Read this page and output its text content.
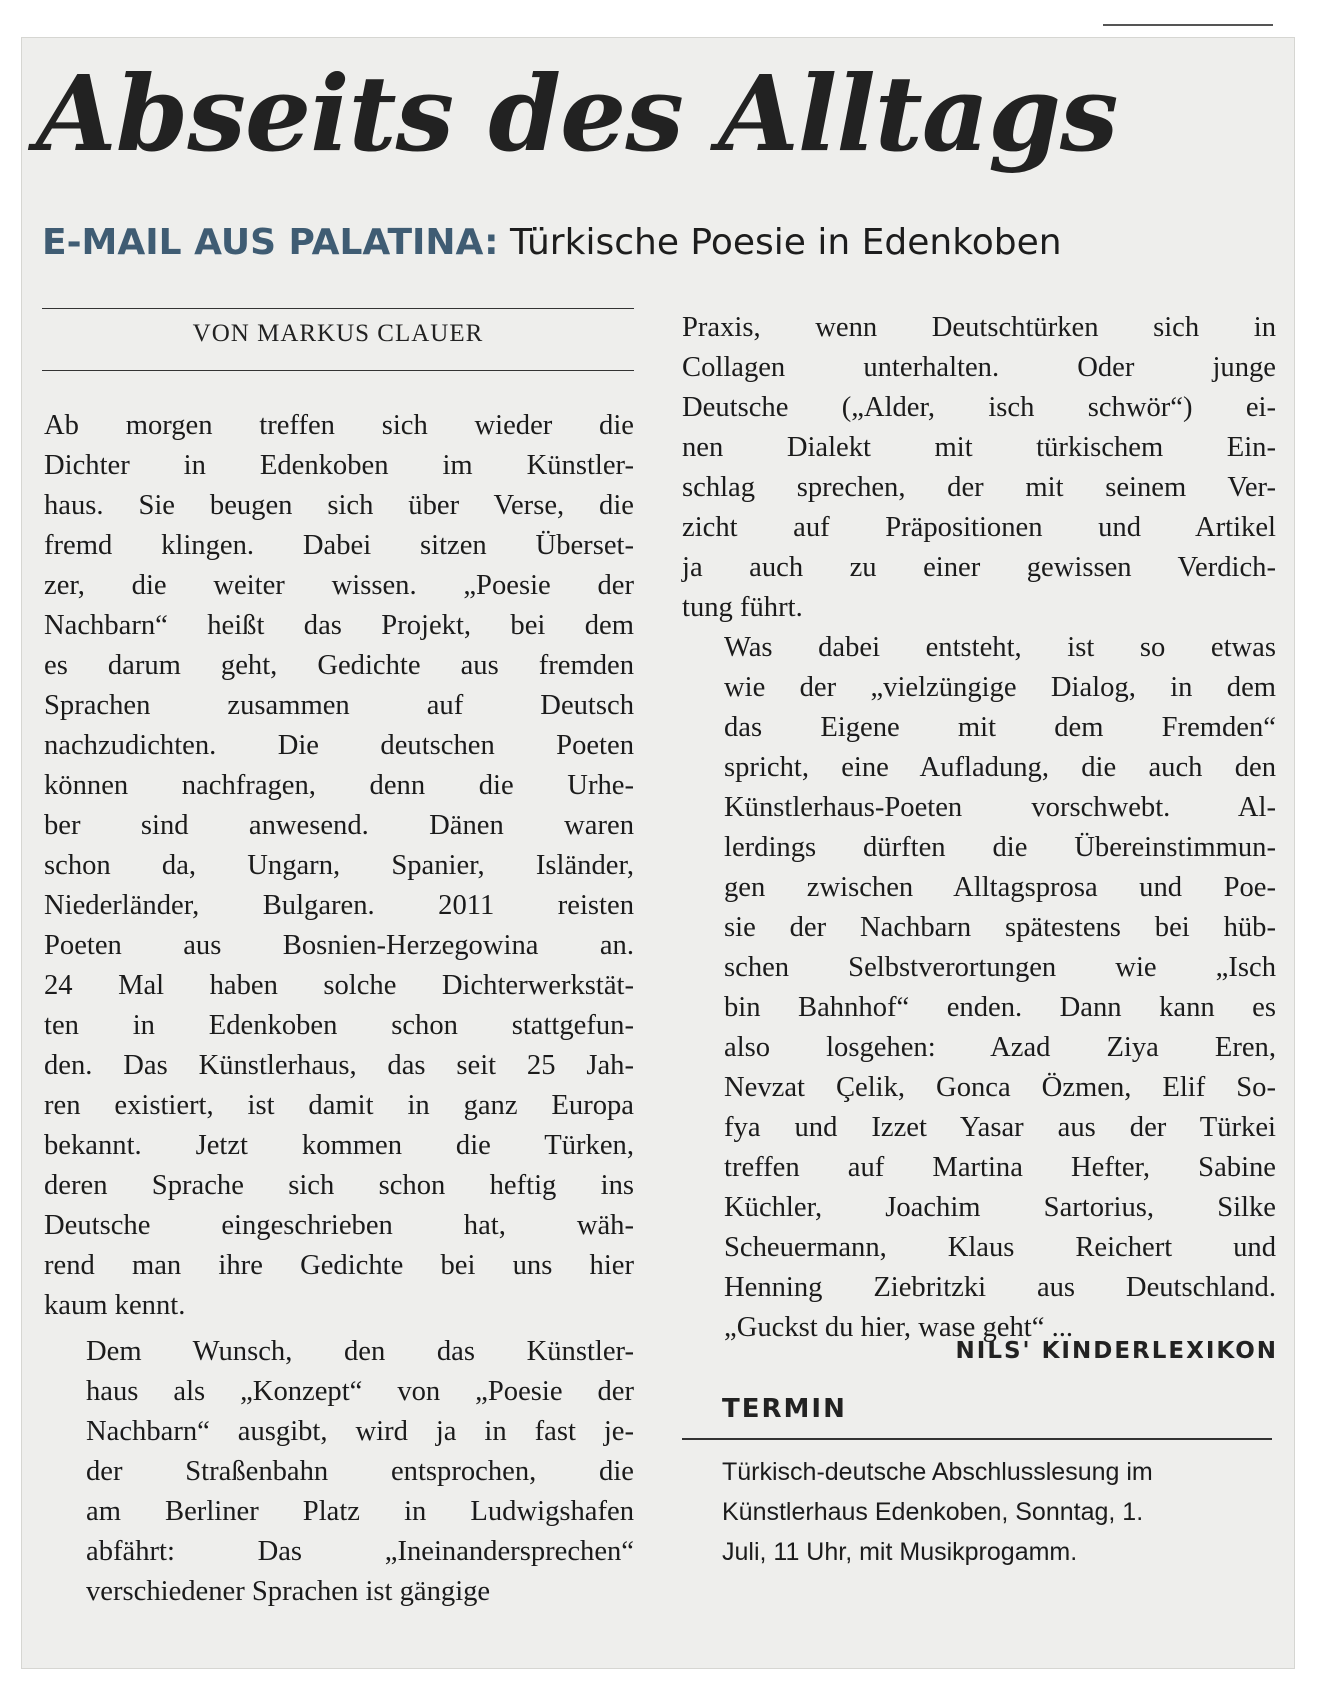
Abseits des Alltags
E-MAIL AUS PALATINA: Türkische Poesie in Edenkoben
VON MARKUS CLAUER

Ab morgen treffen sich wieder die
Dichter in Edenkoben im Künstler-
haus. Sie beugen sich über Verse, die
fremd klingen. Dabei sitzen Überset-
zer, die weiter wissen. „Poesie der
Nachbarn“ heißt das Projekt, bei dem
es darum geht, Gedichte aus fremden
Sprachen zusammen auf Deutsch
nachzudichten. Die deutschen Poeten
können nachfragen, denn die Urhe-
ber sind anwesend. Dänen waren
schon da, Ungarn, Spanier, Isländer,
Niederländer, Bulgaren. 2011 reisten
Poeten aus Bosnien-Herzegowina an.
24 Mal haben solche Dichterwerkstät-
ten in Edenkoben schon stattgefun-
den. Das Künstlerhaus, das seit 25 Jah-
ren existiert, ist damit in ganz Europa
bekannt. Jetzt kommen die Türken,
deren Sprache sich schon heftig ins
Deutsche eingeschrieben hat, wäh-
rend man ihre Gedichte bei uns hier
kaum kennt.

Dem Wunsch, den das Künstler-
haus als „Konzept“ von „Poesie der
Nachbarn“ ausgibt, wird ja in fast je-
der Straßenbahn entsprochen, die
am Berliner Platz in Ludwigshafen
abfährt: Das „Ineinandersprechen“
verschiedener Sprachen ist gängige

Praxis, wenn Deutschtürken sich in
Collagen unterhalten. Oder junge
Deutsche („Alder, isch schwör“) ei-
nen Dialekt mit türkischem Ein-
schlag sprechen, der mit seinem Ver-
zicht auf Präpositionen und Artikel
ja auch zu einer gewissen Verdich-
tung führt.

Was dabei entsteht, ist so etwas
wie der „vielzüngige Dialog, in dem
das Eigene mit dem Fremden“
spricht, eine Aufladung, die auch den
Künstlerhaus-Poeten vorschwebt. Al-
lerdings dürften die Übereinstimmun-
gen zwischen Alltagsprosa und Poe-
sie der Nachbarn spätestens bei hüb-
schen Selbstverortungen wie „Isch
bin Bahnhof“ enden. Dann kann es
also losgehen: Azad Ziya Eren,
Nevzat Çelik, Gonca Özmen, Elif So-
fya und Izzet Yasar aus der Türkei
treffen auf Martina Hefter, Sabine
Küchler, Joachim Sartorius, Silke
Scheuermann, Klaus Reichert und
Henning Ziebritzki aus Deutschland.
„Guckst du hier, wase geht“ ...

NILS' KINDERLEXIKON
TERMIN
Türkisch-deutsche Abschlusslesung im
Künstlerhaus Edenkoben, Sonntag, 1.
Juli, 11 Uhr, mit Musikprogamm.
